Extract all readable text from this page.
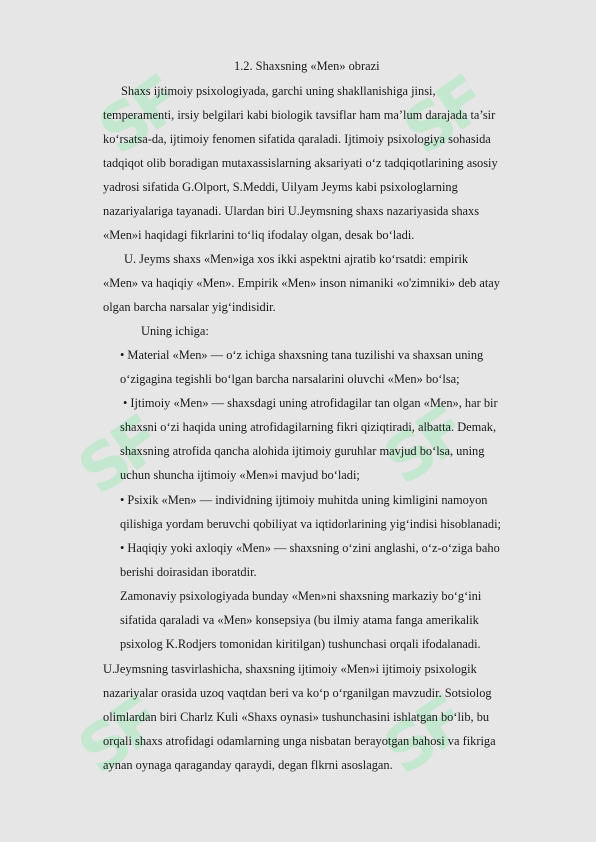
SF	SF
SF	SF
SF	SF
1.2. Shaxsning «Men» obrazi
Shaxs ijtimoiy psixologiyada, garchi uning shakllanishiga jinsi,
temperamenti, irsiy belgilari kabi biologik tavsiflar ham ma’lum darajada ta’sir
ko‘rsatsa-da, ijtimoiy fenomen sifatida qaraladi. Ijtimoiy psixologiya sohasida
tadqiqot olib boradigan mutaxassislarning aksariyati o‘z tadqiqotlarining asosiy
yadrosi sifatida G.Olport, S.Meddi, Uilyam Jeyms kabi psixologlarning
nazariyalariga tayanadi. Ulardan biri U.Jeymsning shaxs nazariyasida shaxs
«Men»i haqidagi fikrlarini to‘liq ifodalay olgan, desak bo‘ladi.
U. Jeyms shaxs «Men»iga xos ikki aspektni ajratib ko‘rsatdi: empirik
«Men» va haqiqiy «Men». Empirik «Men» inson nimaniki «o'zimniki» deb atay
olgan barcha narsalar yig‘indisidir.
Uning ichiga:
• Material «Men» — o‘z ichiga shaxsning tana tuzilishi va shaxsan uning
o‘zigagina tegishli bo‘lgan barcha narsalarini oluvchi «Men» bo‘lsa;
• Ijtimoiy «Men» — shaxsdagi uning atrofidagilar tan olgan «Men», har bir
shaxsni o‘zi haqida uning atrofidagilarning fikri qiziqtiradi, albatta. Demak,
shaxsning atrofida qancha alohida ijtimoiy guruhlar mavjud bo‘lsa, uning
uchun shuncha ijtimoiy «Men»i mavjud bo‘ladi;
• Psixik «Men» — individning ijtimoiy muhitda uning kimligini namoyon
qilishiga yordam beruvchi qobiliyat va iqtidorlarining yig‘indisi hisoblanadi;
• Haqiqiy yoki axloqiy «Men» — shaxsning o‘zini anglashi, o‘z-o‘ziga baho
berishi doirasidan iboratdir.
Zamonaviy psixologiyada bunday «Men»ni shaxsning markaziy bo‘g‘ini
sifatida qaraladi va «Men» konsepsiya (bu ilmiy atama fanga amerikalik
psixolog K.Rodjers tomonidan kiritilgan) tushunchasi orqali ifodalanadi.
U.Jeymsning tasvirlashicha, shaxsning ijtimoiy «Men»i ijtimoiy psixologik
nazariyalar orasida uzoq vaqtdan beri va ko‘p o‘rganilgan mavzudir. Sotsiolog
olimlardan biri Charlz Kuli «Shaxs oynasi» tushunchasini ishlatgan bo‘lib, bu
orqali shaxs atrofidagi odamlarning unga nisbatan berayotgan bahosi va fikriga
aynan oynaga qaraganday qaraydi, degan flkrni asoslagan.
